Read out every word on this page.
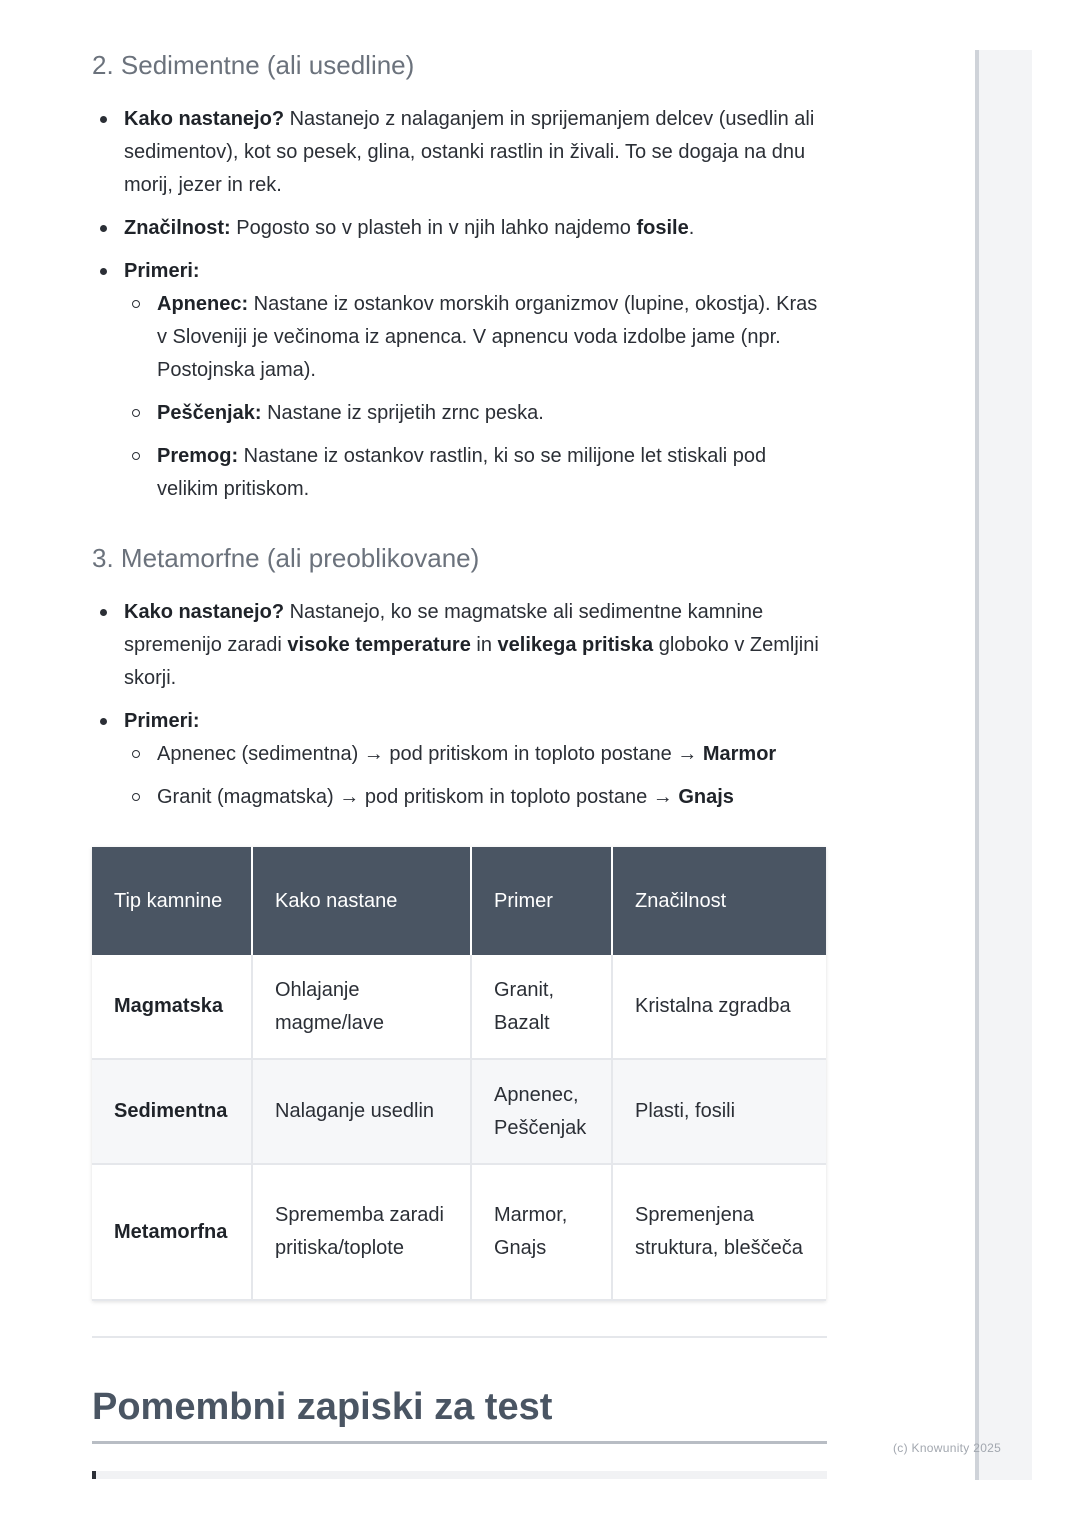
(c) Knowunity 2025
2. Sedimentne (ali usedline)
Kako nastanejo? Nastanejo z nalaganjem in sprijemanjem delcev (usedlin ali sedimentov), kot so pesek, glina, ostanki rastlin in živali. To se dogaja na dnu morij, jezer in rek.
Značilnost: Pogosto so v plasteh in v njih lahko najdemo fosile.
Primeri:
Apnenec: Nastane iz ostankov morskih organizmov (lupine, okostja). Kras v Sloveniji je večinoma iz apnenca. V apnencu voda izdolbe jame (npr. Postojnska jama).
Peščenjak: Nastane iz sprijetih zrnc peska.
Premog: Nastane iz ostankov rastlin, ki so se milijone let stiskali pod velikim pritiskom.
3. Metamorfne (ali preoblikovane)
Kako nastanejo? Nastanejo, ko se magmatske ali sedimentne kamnine spremenijo zaradi visoke temperature in velikega pritiska globoko v Zemljini skorji.
Primeri:
Apnenec (sedimentna) → pod pritiskom in toploto postane → Marmor
Granit (magmatska) → pod pritiskom in toploto postane → Gnajs
Tip kamnine	Kako nastane	Primer	Značilnost
Magmatska	Ohlajanje magme/lave	Granit, Bazalt	Kristalna zgradba
Sedimentna	Nalaganje usedlin	Apnenec, Peščenjak	Plasti, fosili
Metamorfna	Sprememba zaradi pritiska/toplote	Marmor, Gnajs	Spremenjena struktura, bleščeča
Pomembni zapiski za test
